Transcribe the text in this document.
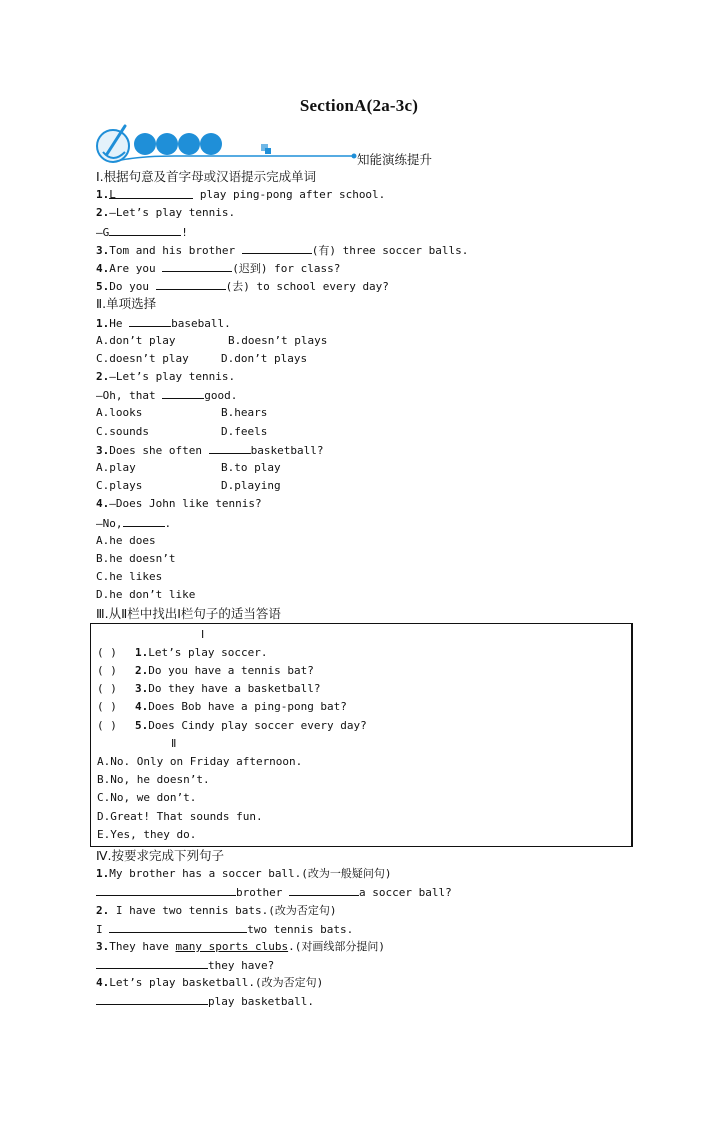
SectionA(2a-3c)
知能演练提升
Ⅰ.根据句意及首字母或汉语提示完成单词
1.L	play ping-pong after school.
2.—Let’s play tennis.
—G	!
3.Tom and his brother	(有) three soccer balls.
4.Are you	(迟到) for class?
5.Do you	(去) to school every day?
Ⅱ.单项选择
1.He	baseball.
A.don’t play	B.doesn’t plays
C.doesn’t play	D.don’t plays
2.—Let’s play tennis.
—Oh, that	good.
A.looks	B.hears
C.sounds	D.feels
3.Does she often	basketball?
A.play	B.to play
C.plays	D.playing
4.—Does John like tennis?
—No,	.
A.he does
B.he doesn’t
C.he likes
D.he don’t like
Ⅲ.从Ⅱ栏中找出Ⅰ栏句子的适当答语
Ⅰ
( ) 1.Let’s play soccer.
( ) 2.Do you have a tennis bat?
( ) 3.Do they have a basketball?
( ) 4.Does Bob have a ping-pong bat?
( ) 5.Does Cindy play soccer every day?
Ⅱ
A.No. Only on Friday afternoon.
B.No, he doesn’t.
C.No, we don’t.
D.Great! That sounds fun.
E.Yes, they do.
Ⅳ.按要求完成下列句子
1.My brother has a soccer ball.(改为一般疑问句)
brother	a soccer ball?
2. I have two tennis bats.(改为否定句)
I	two tennis bats.
3.They have many sports clubs.(对画线部分提问)
they have?
4.Let’s play basketball.(改为否定句)
play basketball.
